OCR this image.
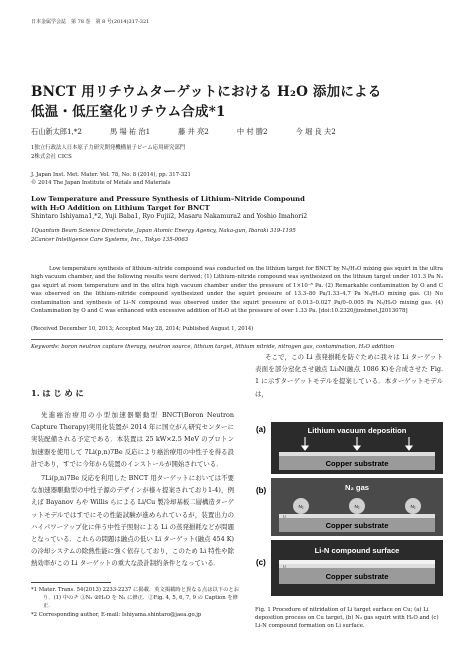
日本金属学会誌　第 78 巻　第 8 号(2014)317-321
BNCT 用リチウムターゲットにおける H₂O 添加による
低温・低圧窒化リチウム合成*1
石山新太郎1,*2	馬 場 祐 治1	藤 井 亮2	中 村 勝2	今 堀 良 夫2
1独立行政法人日本原子力研究開発機構量子ビーム応用研究部門
2株式会社 CICS
J. Japan Inst. Met. Mater. Vol. 78, No. 8 (2014), pp. 317-321
© 2014 The Japan Institute of Metals and Materials
Low Temperature and Pressure Synthesis of Lithium–Nitride Compound
with H₂O Addition on Lithium Target for BNCT
Shintaro Ishiyama1,*2, Yuji Baba1, Ryo Fujii2, Masaru Nakamura2 and Yoshio Imahori2
1Quantum Beam Science Directorate, Japan Atomic Energy Agency, Naka-gun, Ibaraki 319-1195
2Cancer Intelligence Care Systems, Inc., Tokyo 135-0063
Low temperature synthesis of lithium–nitride compound was conducted on the lithium target for BNCT by N₂/H₂O mixing gas squirt in the ultra high vacuum chamber, and the following results were derived; (1) Lithium–nitride compound was synthesized on the lithium target under 101.3 Pa N₂ gas squirt at room temperature and in the ultra high vacuum chamber under the pressure of 1×10⁻⁸ Pa. (2) Remarkable contamination by O and C was observed on the lithium–nitride compound synthesized under the squirt pressure of 13.3–80 Pa/1.33–4.7 Pa N₂/H₂O mixing gas. (3) No contamination and synthesis of Li–N compound was observed under the squirt pressure of 0.013–0.027 Pa/0–0.005 Pa N₂/H₂O mixing gas. (4) Contamination by O and C was enhanced with excessive addition of H₂O at the pressure of over 1.33 Pa. [doi:10.2320/jinstmet.J2013078]
(Received December 10, 2013; Accepted May 28, 2014; Published August 1, 2014)
Keywords: boron neutron capture therapy, neutron source, lithium target, lithium nitride, nitrogen gas, contamination, H₂O addition
1. は じ め に

先進癌治療用の小型加速器駆動型 BNCT(Boron Neutron Capture Therapy)実用化装置が 2014 年に国立がん研究センターに実装配備される予定である．本装置は 25 kW×2.5 MeV のプロトン加速器を使用して 7Li(p,n)7Be 反応により癌治療用の中性子を得る設計であり，すでに今年から装置のインストールが開始されている．

7Li(p,n)7Be 反応を利用した BNCT 用ターゲットにおいては不要な加速器駆動型の中性子源のデザインが様々提案されており1-4)，例えば Bayanov らや Willis らによる Li/Cu 製冷却基板二層構造ターゲットモデルではすでにその性能試験が進められているが，装置出力のハイパワーアップ化に伴う中性子照射による Li の蒸発損耗などが問題となっている．これらの問題は融点の低い Li ターゲット(融点 454 K)の冷却システムの除熱性能に強く依存しており，このため Li 特性や除熱効率がこの Li ターゲットの重大な設計制約条件となっている．

そこで，この Li 蒸発損耗を防ぐために我々は Li ターゲット表面を部分窒化させ融点 Li₃N(融点 1086 K)を合成させた Fig. 1 に示すターゲットモデルを提案している．本ターゲットモデルは，
(a)	Lithium vacuum deposition
Copper substrate
(b)	N₂ gas
N₂	N₂	N₂
Li
Copper substrate
(c)
Li-N compound surface
Li
Copper substrate
Fig. 1 Procedure of nitridation of Li target surface on Cu; (a) Li deposition process on Cu target, (b) N₂ gas squirt with H₂O and (c) Li-N compound formation on Li surface.
*1 Mater. Trans. 54(2013) 2233-2237 に掲載．英文掲載時と異なる点は以下のとおり．(1) 中のチ ③N₂ ②H₂O を N₂ に修正．②Fig. 4, 5, 6, 7, 9 の Caption を修正．
*2 Corresponding author, E-mail: Ishiyama.shintaro@jaea.go.jp
